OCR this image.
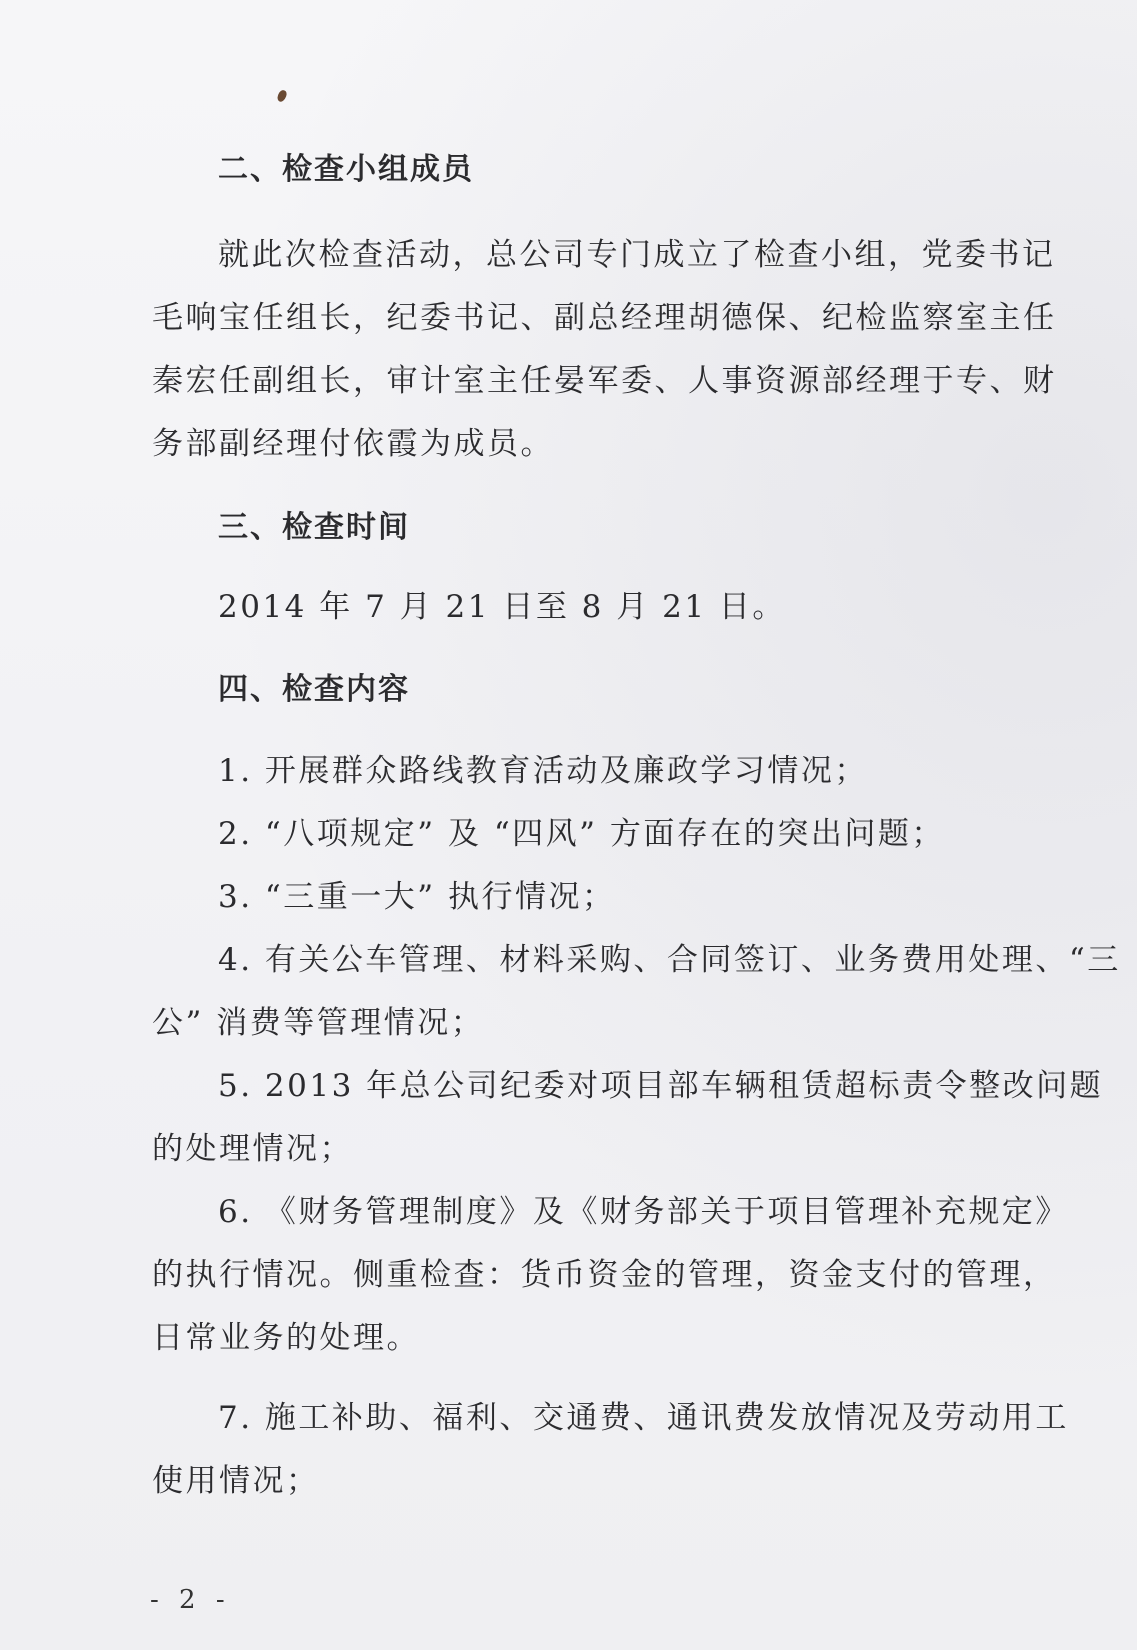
二、检查小组成员
就此次检查活动，总公司专门成立了检查小组，党委书记
毛响宝任组长，纪委书记、副总经理胡德保、纪检监察室主任
秦宏任副组长，审计室主任晏军委、人事资源部经理于专、财
务部副经理付依霞为成员。
三、检查时间
2014 年 7 月 21 日至 8 月 21 日。
四、检查内容
1. 开展群众路线教育活动及廉政学习情况；
2. “八项规定” 及 “四风” 方面存在的突出问题；
3. “三重一大” 执行情况；
4. 有关公车管理、材料采购、合同签订、业务费用处理、“三
公” 消费等管理情况；
5. 2013 年总公司纪委对项目部车辆租赁超标责令整改问题
的处理情况；
6. 《财务管理制度》及《财务部关于项目管理补充规定》
的执行情况。侧重检查：货币资金的管理，资金支付的管理，
日常业务的处理。
7. 施工补助、福利、交通费、通讯费发放情况及劳动用工
使用情况；
- 2 -
